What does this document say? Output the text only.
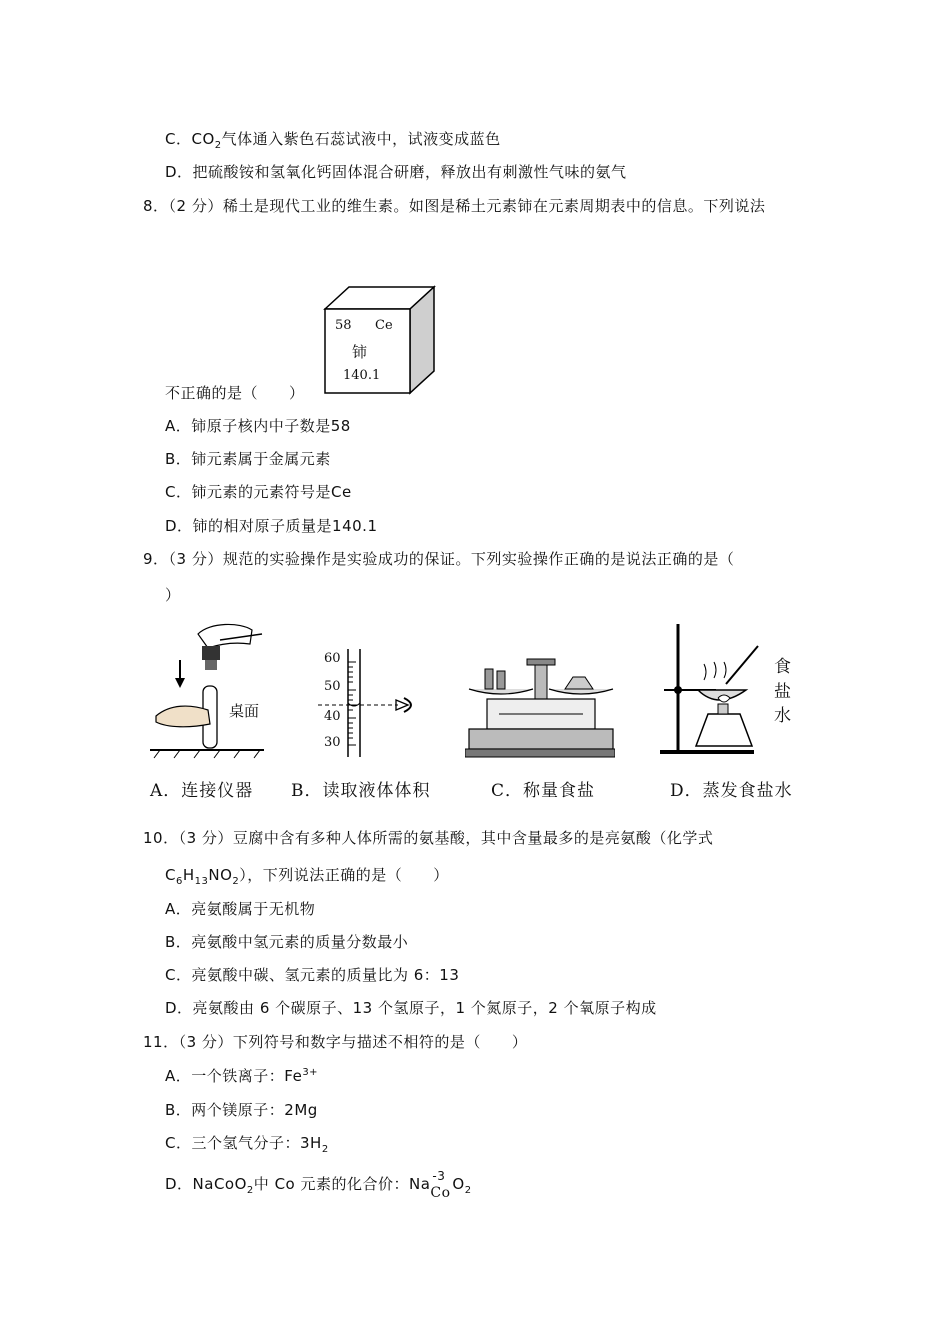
C．$CO_2$气体通入紫色石蕊试液中，试液变成蓝色
D．把硫酸铵和氢氧化钙固体混合研磨，释放出有刺激性气味的氨气
8．（2 分）稀土是现代工业的维生素。如图是稀土元素铈在元素周期表中的信息。下列说法
58 Ce
铈
140.1
不正确的是（　　）
A．铈原子核内中子数是58
B．铈元素属于金属元素
C．铈元素的元素符号是Ce
D．铈的相对原子质量是140.1
9．（3 分）规范的实验操作是实验成功的保证。下列实验操作正确的是说法正确的是（
）
桌面
60
50
40
30
食
盐
水
A．连接仪器 B．读取液体体积	C．称量食盐	D．蒸发食盐水
10．（3 分）豆腐中含有多种人体所需的氨基酸，其中含量最多的是亮氨酸（化学式
$C_6H_{13}NO_2$），下列说法正确的是（　　）
A．亮氨酸属于无机物
B．亮氨酸中氢元素的质量分数最小
C．亮氨酸中碳、氢元素的质量比为 6：13
D．亮氨酸由 6 个碳原子、13 个氢原子，1 个氮原子，2 个氧原子构成
11．（3 分）下列符号和数字与描述不相符的是（　　）
A．一个铁离子：$Fe^{3+}$
B．两个镁原子：2Mg
C．三个氢气分子：$3H_2$
D．NaCoO$_2$中 Co 元素的化合价：Na -3
Co $O_2$
